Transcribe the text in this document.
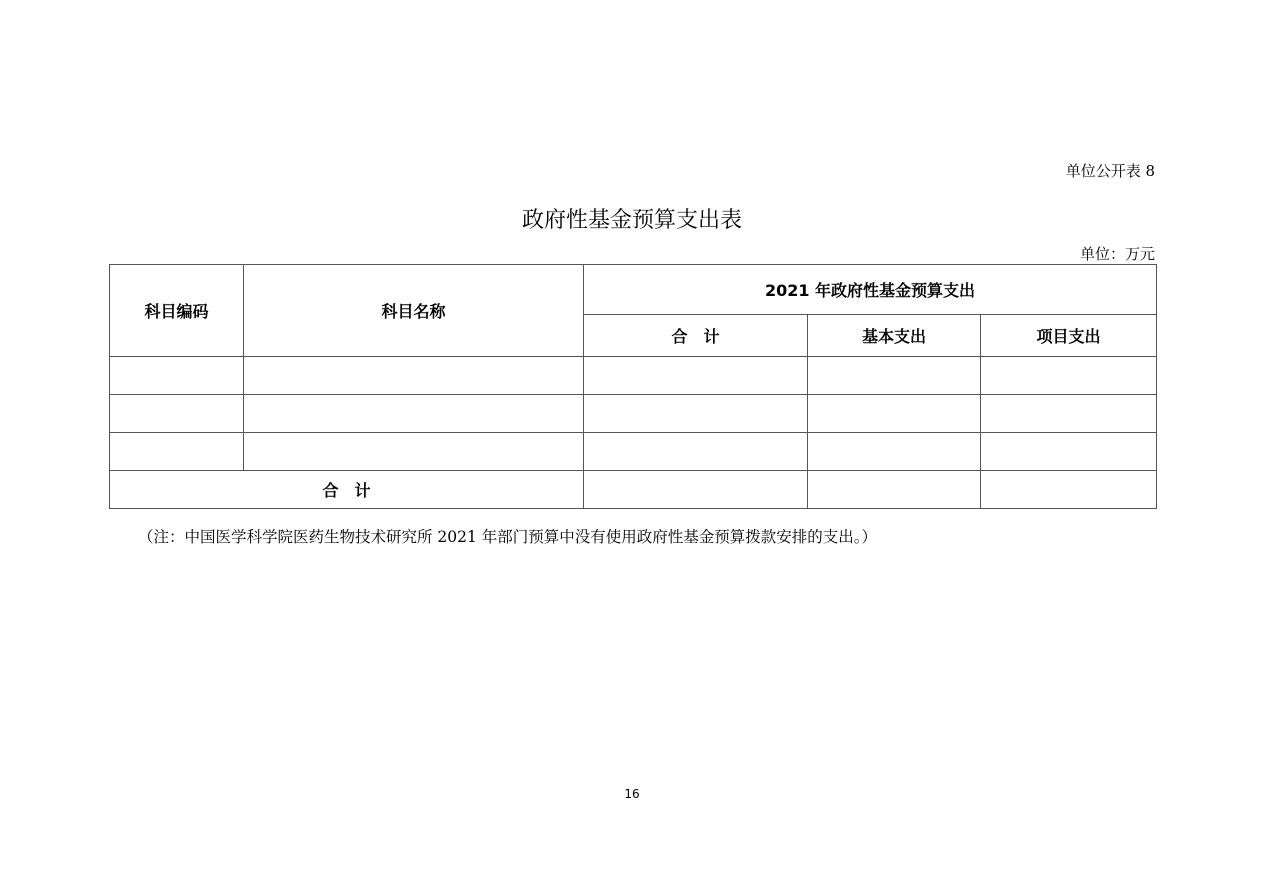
单位公开表 8
政府性基金预算支出表
单位：万元
科目编码	科目名称	2021 年政府性基金预算支出		
		合　计	基本支出	项目支出

合　计				
（注：中国医学科学院医药生物技术研究所 2021 年部门预算中没有使用政府性基金预算拨款安排的支出。）
16
